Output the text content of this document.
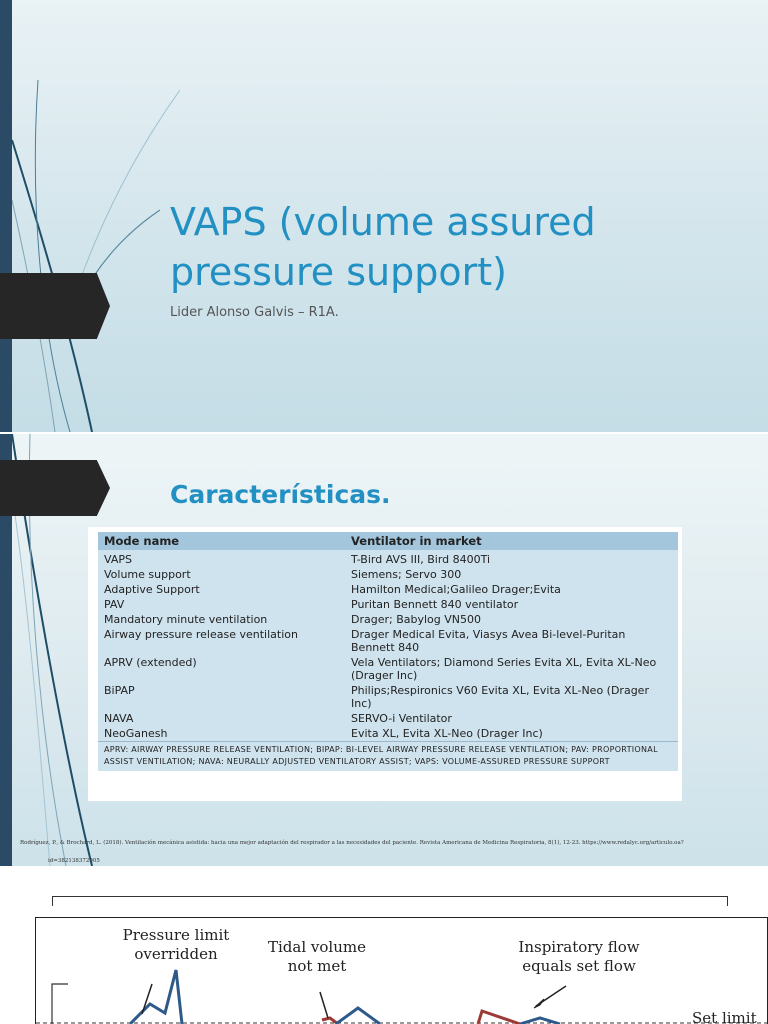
VAPS (volume assured
pressure support)
Lider Alonso Galvis – R1A.
Características.
Mode name	Ventilator in market
VAPS	T-Bird AVS III, Bird 8400Ti
Volume support	Siemens; Servo 300
Adaptive Support	Hamilton Medical;Galileo Drager;Evita
PAV	Puritan Bennett 840 ventilator
Mandatory minute ventilation	Drager; Babylog VN500
Airway pressure release ventilation	Drager Medical Evita, Viasys Avea Bi-level-Puritan Bennett 840
APRV (extended)	Vela Ventilators; Diamond Series Evita XL, Evita XL-Neo (Drager Inc)
BiPAP	Philips;Respironics V60 Evita XL, Evita XL-Neo (Drager Inc)
NAVA	SERVO-i Ventilator
NeoGanesh	Evita XL, Evita XL-Neo (Drager Inc)
APRV: AIRWAY PRESSURE RELEASE VENTILATION; BIPAP: BI-LEVEL AIRWAY PRESSURE RELEASE VENTILATION; PAV: PROPORTIONAL ASSIST VENTILATION; NAVA: NEURALLY ADJUSTED VENTILATORY ASSIST; VAPS: VOLUME-ASSURED PRESSURE SUPPORT
Rodríguez, P., & Brochard, L. (2018). Ventilación mecánica asistida: hacia una mejor adaptación del respirador a las necesidades del paciente. Revista Americana de Medicina Respiratoria, 8(1), 12-23. https://www.redalyc.org/articulo.oa?
id=382138372005
Pressure limit
overridden	Tidal volume
not met
Inspiratory flow
equals set flow
Set limit
